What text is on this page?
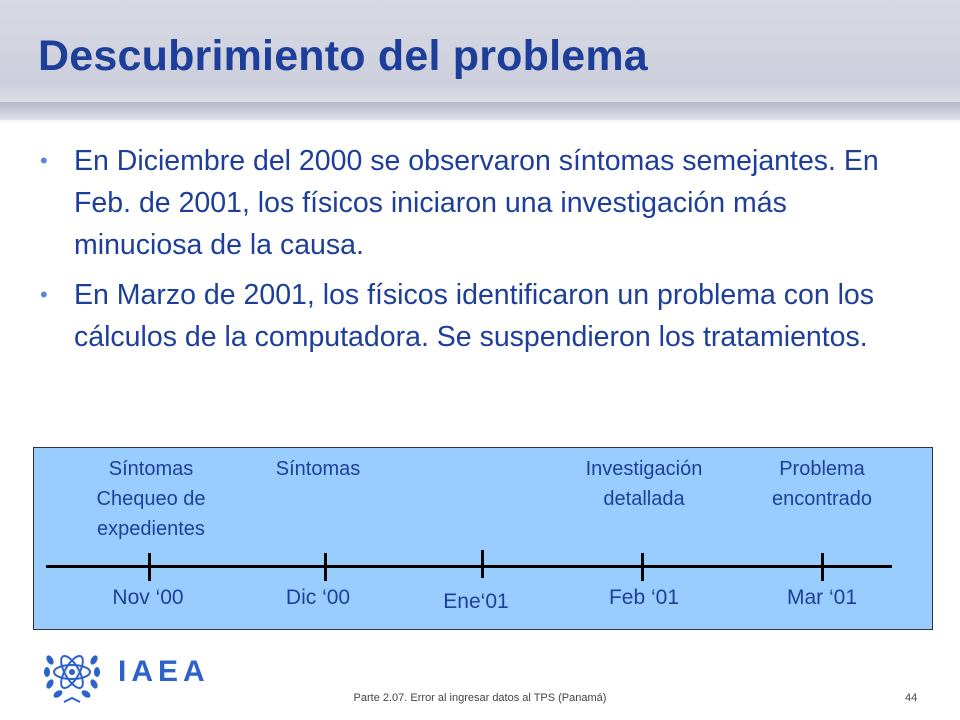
Descubrimiento del problema
• En Diciembre del 2000 se observaron síntomas semejantes. En Feb. de 2001, los físicos iniciaron una investigación más minuciosa de la causa.
• En Marzo de 2001, los físicos identificaron un problema con los cálculos de la computadora. Se suspendieron los tratamientos.
Síntomas
Chequeo de
expedientes
Síntomas	Investigación
detallada
Problema
encontrado
Nov ‘00	Dic ‘00	Ene‘01	Feb ‘01	Mar ‘01

IAEA

Parte 2.07. Error al ingresar datos al TPS (Panamá)	44
